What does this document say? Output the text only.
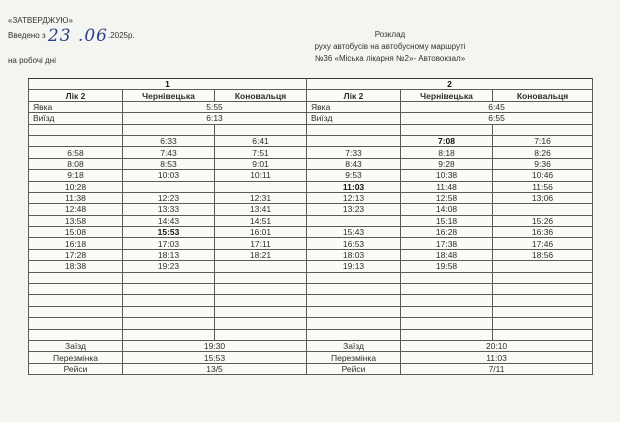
«ЗАТВЕРДЖУЮ»
Введено з 23 .06.2025р.
на робочі дні
Розклад
руху автобусів на автобусному маршруті
№36 «Міська лікарня №2»- Автовокзал»
1			2		
Лік 2	Чернівецька	Коновальця	Лік 2	Чернівецька	Коновальця
Явка	5:55		Явка	6:45	
Виїзд	6:13		Виїзд	6:55	

	6:33	6:41		7:08	7:16
6:58	7:43	7:51	7:33	8:18	8:26
8:08	8:53	9:01	8:43	9:28	9:36
9:18	10:03	10:11	9:53	10:38	10:46
10:28			11:03	11:48	11:56
11:38	12:23	12:31	12:13	12:58	13:06
12:48	13:33	13:41	13:23	14:08	
13:58	14:43	14:51		15:18	15:26
15:08	15:53	16:01	15:43	16:28	16:36
16:18	17:03	17:11	16:53	17:38	17:46
17:28	18:13	18:21	18:03	18:48	18:56
18:38	19:23		19:13	19:58	

Заїзд	19:30		Заїзд	20:10	
Перезмінка	15:53		Перезмінка	11:03	
Рейси	13/5		Рейси	7/11	
